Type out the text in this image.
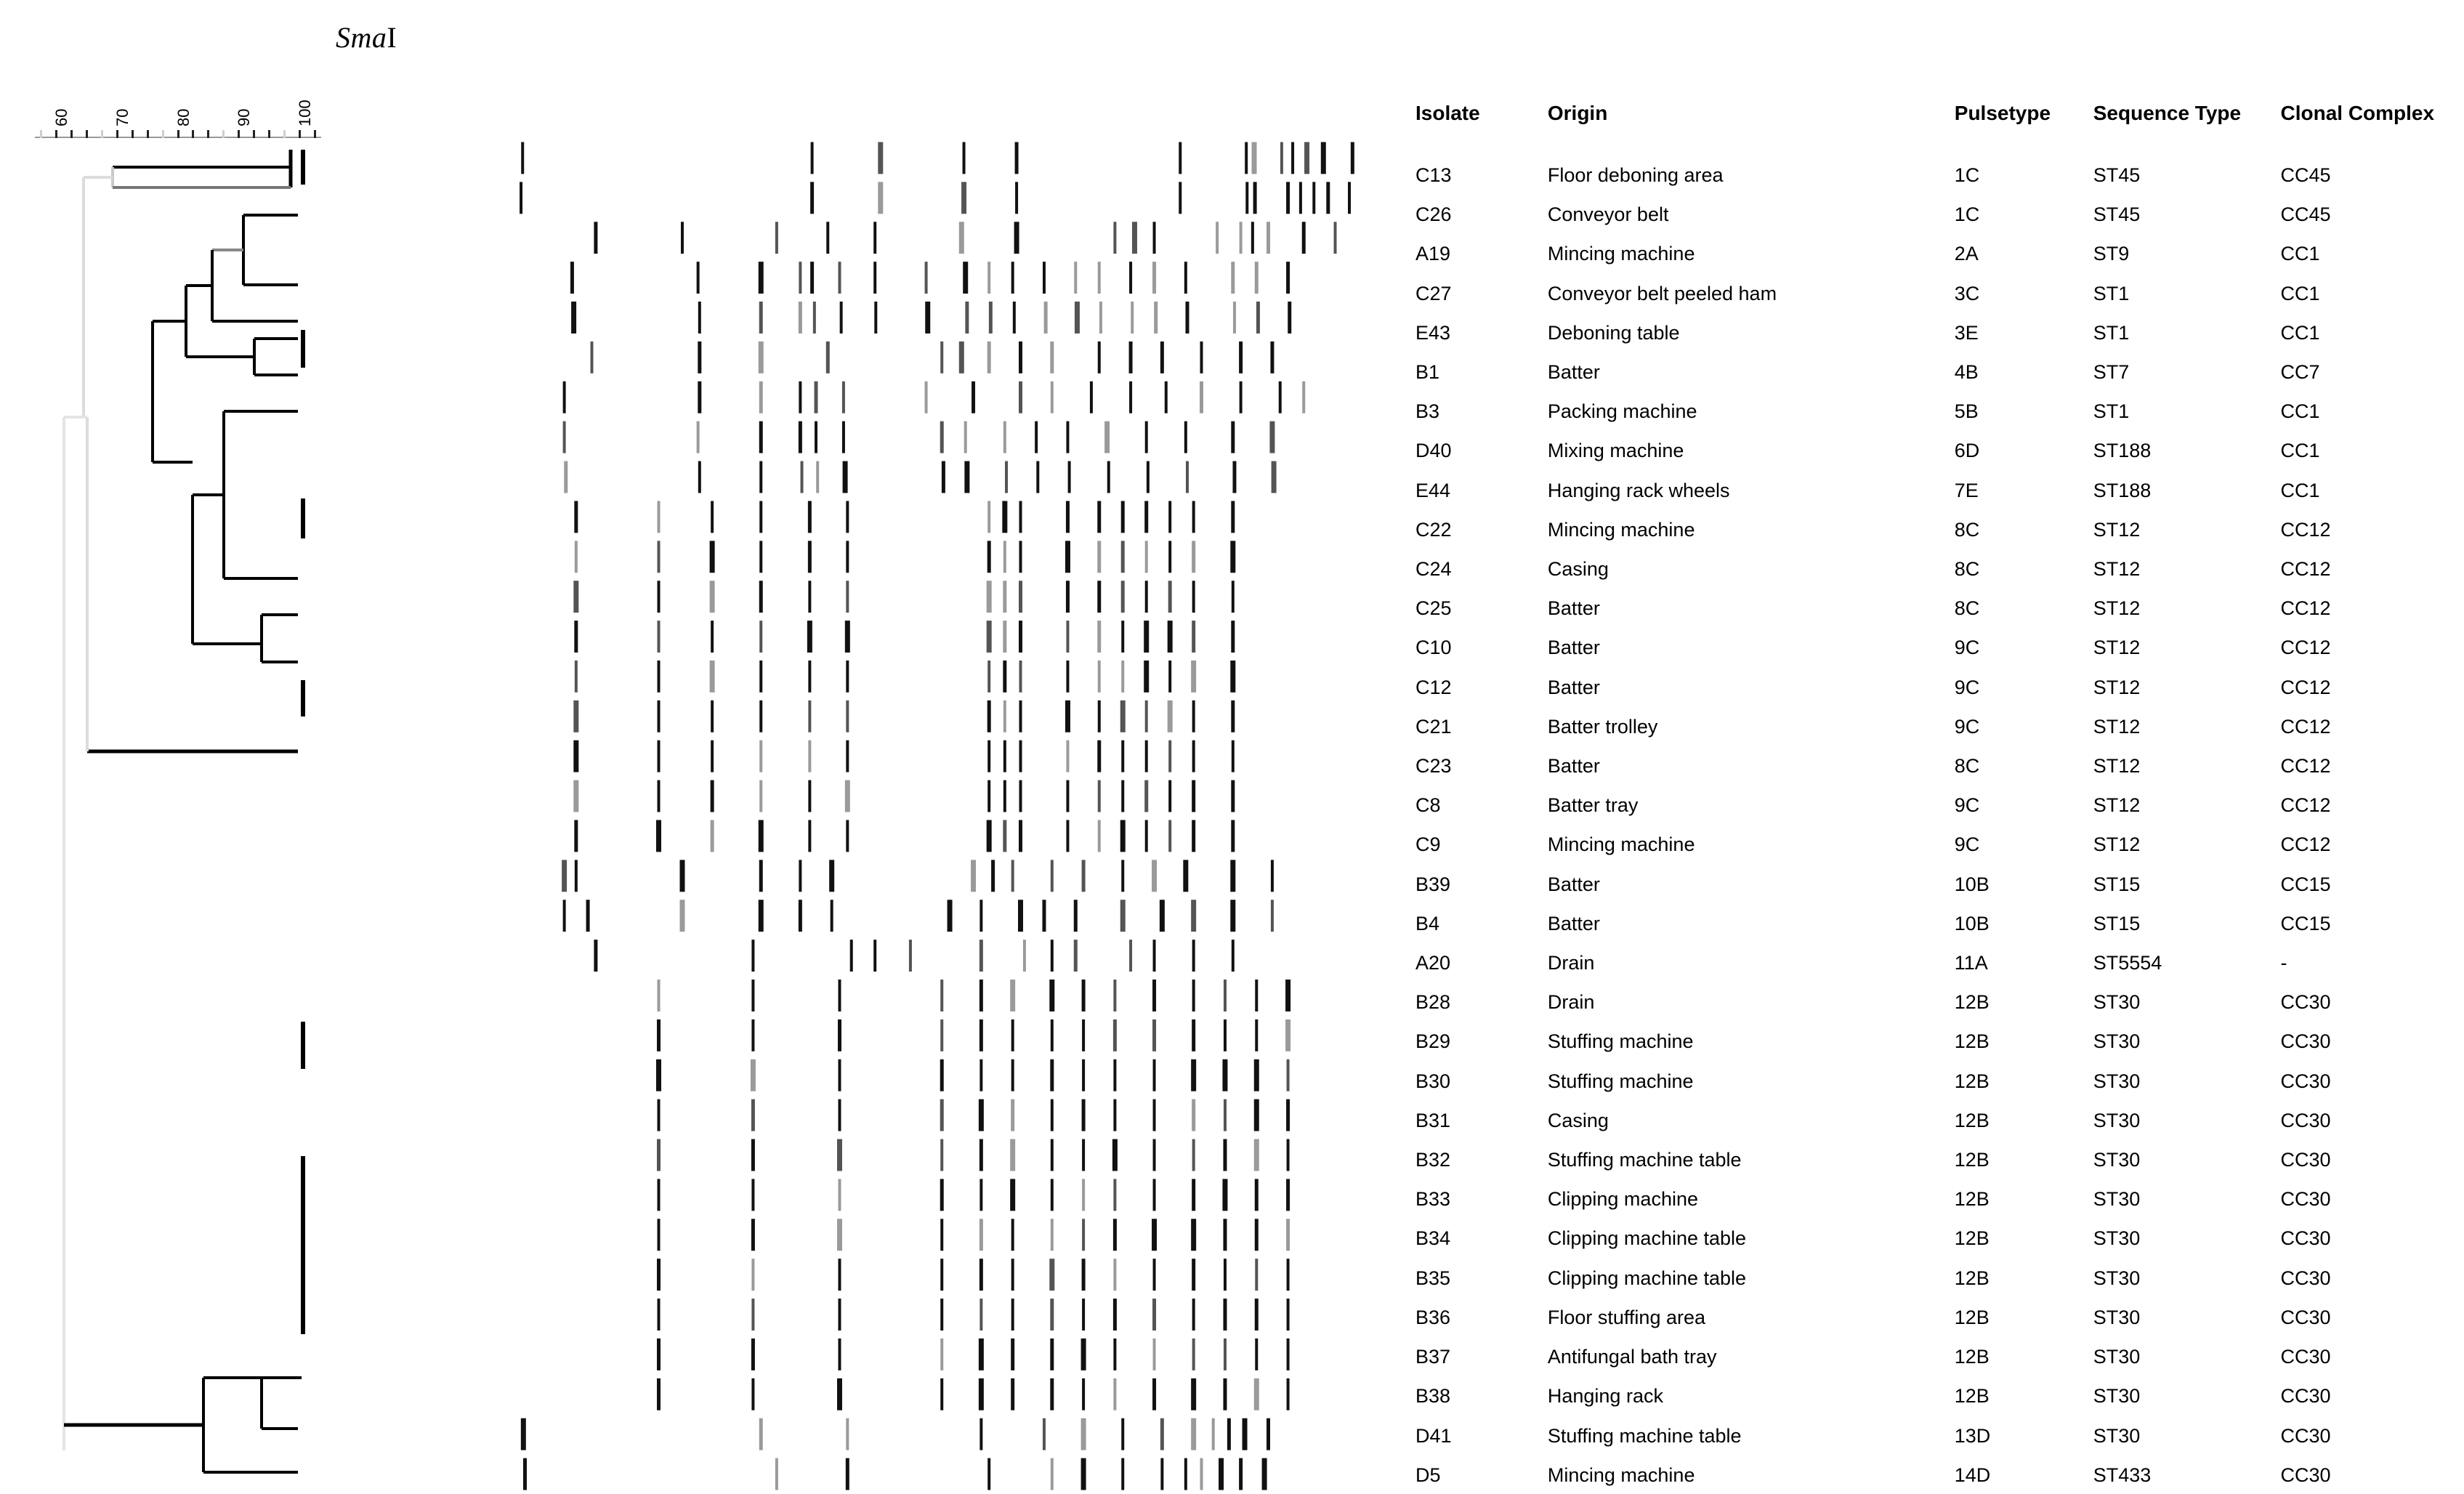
SmaI
60	70	80	90	100	Isolate	Origin	Pulsetype	Sequence Type	Clonal Complex
C13	Floor deboning area	1C	ST45	CC45
C26	Conveyor belt	1C	ST45	CC45
A19	Mincing machine	2A	ST9	CC1
C27	Conveyor belt peeled ham	3C	ST1	CC1
E43	Deboning table	3E	ST1	CC1
B1	Batter	4B	ST7	CC7
B3	Packing machine	5B	ST1	CC1
D40	Mixing machine	6D	ST188	CC1
E44	Hanging rack wheels	7E	ST188	CC1
C22	Mincing machine	8C	ST12	CC12
C24	Casing	8C	ST12	CC12
C25	Batter	8C	ST12	CC12
C10	Batter	9C	ST12	CC12
C12	Batter	9C	ST12	CC12
C21	Batter trolley	9C	ST12	CC12
C23	Batter	8C	ST12	CC12
C8	Batter tray	9C	ST12	CC12
C9	Mincing machine	9C	ST12	CC12
B39	Batter	10B	ST15	CC15
B4	Batter	10B	ST15	CC15
A20	Drain	11A	ST5554	-
B28	Drain	12B	ST30	CC30
B29	Stuffing machine	12B	ST30	CC30
B30	Stuffing machine	12B	ST30	CC30
B31	Casing	12B	ST30	CC30
B32	Stuffing machine table	12B	ST30	CC30
B33	Clipping machine	12B	ST30	CC30
B34	Clipping machine table	12B	ST30	CC30
B35	Clipping machine table	12B	ST30	CC30
B36	Floor stuffing area	12B	ST30	CC30
B37	Antifungal bath tray	12B	ST30	CC30
B38	Hanging rack	12B	ST30	CC30
D41	Stuffing machine table	13D	ST30	CC30
D5	Mincing machine	14D	ST433	CC30
